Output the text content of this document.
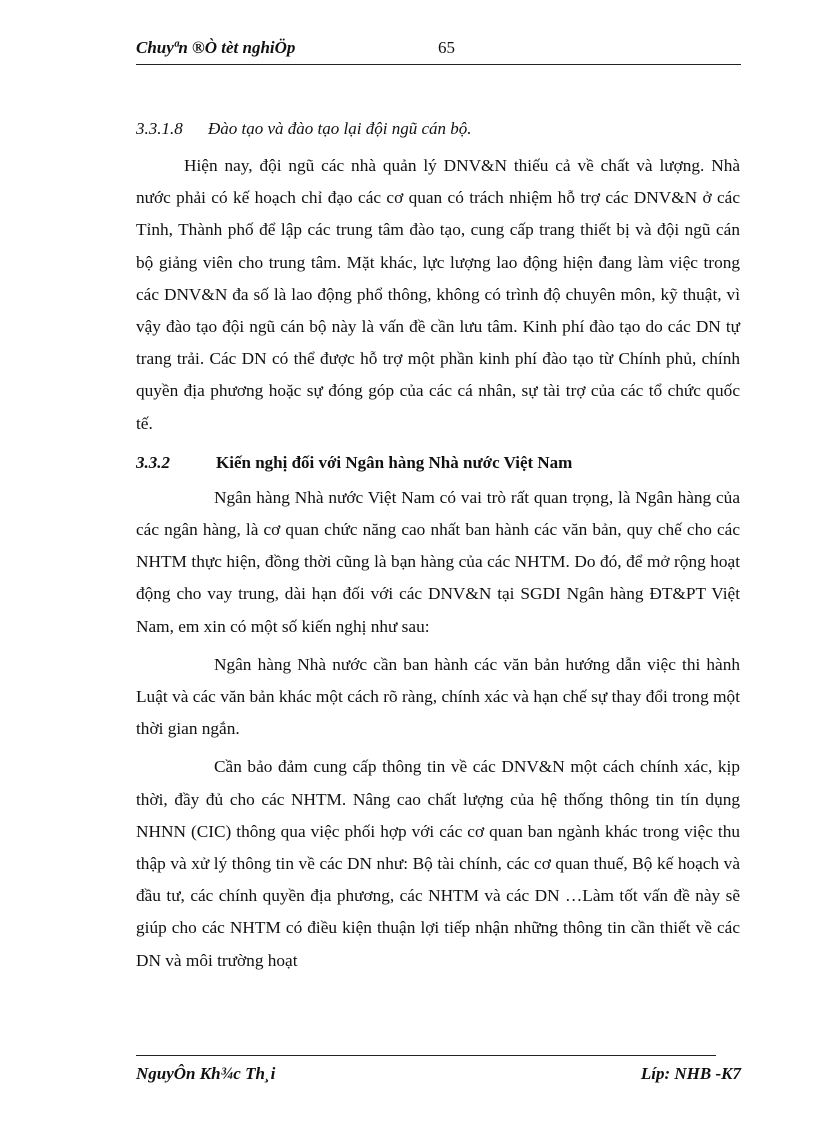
Chuyªn ®Ò tèt nghiÖp	65
3.3.1.8 Đào tạo và đào tạo lại đội ngũ cán bộ.

Hiện nay, đội ngũ các nhà quản lý DNV&N thiếu cả về chất và lượng. Nhà nước phải có kế hoạch chỉ đạo các cơ quan có trách nhiệm hỗ trợ các DNV&N ở các Tỉnh, Thành phố để lập các trung tâm đào tạo, cung cấp trang thiết bị và đội ngũ cán bộ giảng viên cho trung tâm. Mặt khác, lực lượng lao động hiện đang làm việc trong các DNV&N đa số là lao động phổ thông, không có trình độ chuyên môn, kỹ thuật, vì vậy đào tạo đội ngũ cán bộ này là vấn đề cần lưu tâm. Kinh phí đào tạo do các DN tự trang trải. Các DN có thể được hỗ trợ một phần kinh phí đào tạo từ Chính phủ, chính quyền địa phương hoặc sự đóng góp của các cá nhân, sự tài trợ của các tổ chức quốc tế.

3.3.2	Kiến nghị đối với Ngân hàng Nhà nước Việt Nam

Ngân hàng Nhà nước Việt Nam có vai trò rất quan trọng, là Ngân hàng của các ngân hàng, là cơ quan chức năng cao nhất ban hành các văn bản, quy chế cho các NHTM thực hiện, đồng thời cũng là bạn hàng của các NHTM. Do đó, để mở rộng hoạt động cho vay trung, dài hạn đối với các DNV&N tại SGDI Ngân hàng ĐT&PT Việt Nam, em xin có một số kiến nghị như sau:

Ngân hàng Nhà nước cần ban hành các văn bản hướng dẫn việc thi hành Luật và các văn bản khác một cách rõ ràng, chính xác và hạn chế sự thay đổi trong một thời gian ngắn.

Cần bảo đảm cung cấp thông tin về các DNV&N một cách chính xác, kịp thời, đầy đủ cho các NHTM. Nâng cao chất lượng của hệ thống thông tin tín dụng NHNN (CIC) thông qua việc phối hợp với các cơ quan ban ngành khác trong việc thu thập và xử lý thông tin về các DN như: Bộ tài chính, các cơ quan thuế, Bộ kế hoạch và đầu tư, các chính quyền địa phương, các NHTM và các DN …Làm tốt vấn đề này sẽ giúp cho các NHTM có điều kiện thuận lợi tiếp nhận những thông tin cần thiết về các DN và môi trường hoạt

NguyÔn Kh¾c Th¸i	Líp: NHB -K7
